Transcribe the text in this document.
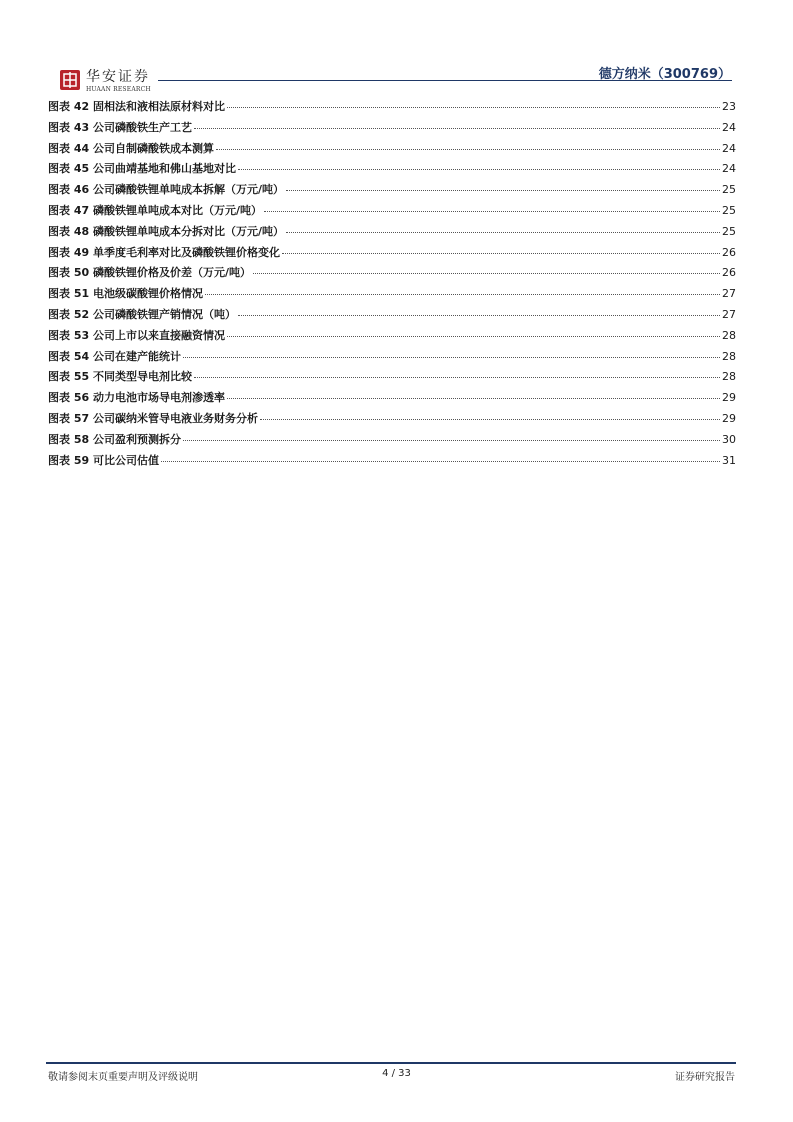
华安证券
HUAAN RESEARCH
德方纳米（300769）
图表 42 固相法和液相法原材料对比	23
图表 43 公司磷酸铁生产工艺	24
图表 44 公司自制磷酸铁成本测算	24
图表 45 公司曲靖基地和佛山基地对比	24
图表 46 公司磷酸铁锂单吨成本拆解（万元/吨）	25
图表 47 磷酸铁锂单吨成本对比（万元/吨）	25
图表 48 磷酸铁锂单吨成本分拆对比（万元/吨）	25
图表 49 单季度毛利率对比及磷酸铁锂价格变化	26
图表 50 磷酸铁锂价格及价差（万元/吨）	26
图表 51 电池级碳酸锂价格情况	27
图表 52 公司磷酸铁锂产销情况（吨）	27
图表 53 公司上市以来直接融资情况	28
图表 54 公司在建产能统计	28
图表 55 不同类型导电剂比较	28
图表 56 动力电池市场导电剂渗透率	29
图表 57 公司碳纳米管导电液业务财务分析	29
图表 58 公司盈利预测拆分	30
图表 59 可比公司估值	31
敬请参阅末页重要声明及评级说明	4 / 33	证券研究报告
